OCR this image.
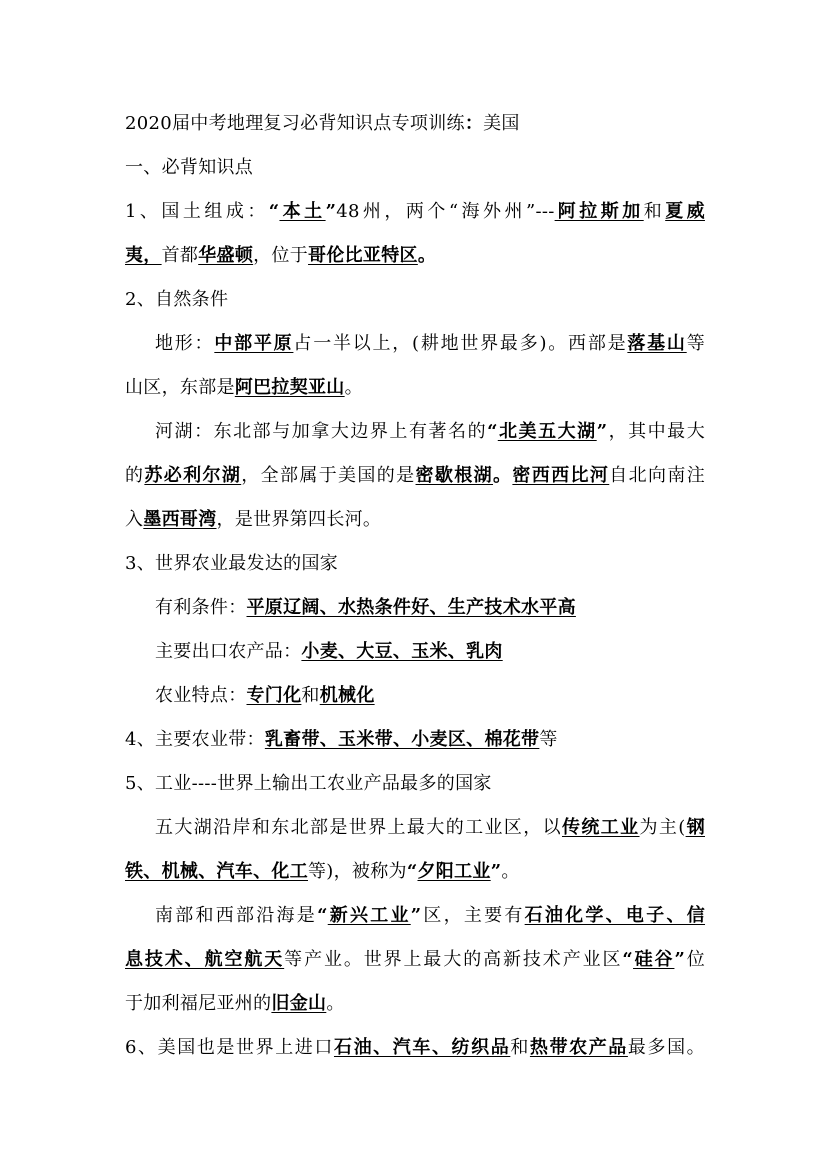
2020届中考地理复习必背知识点专项训练：美国
一、必背知识点
1、国土组成：“本土”48州，两个“海外州”---阿拉斯加和夏威
夷，首都华盛顿，位于哥伦比亚特区。
2、自然条件
地形：中部平原占一半以上，(耕地世界最多)。西部是落基山等
山区，东部是阿巴拉契亚山。
河湖：东北部与加拿大边界上有著名的“北美五大湖”，其中最大
的苏必利尔湖，全部属于美国的是密歇根湖。密西西比河自北向南注
入墨西哥湾，是世界第四长河。
3、世界农业最发达的国家
有利条件：平原辽阔、水热条件好、生产技术水平高
主要出口农产品：小麦、大豆、玉米、乳肉
农业特点：专门化和机械化
4、主要农业带：乳畜带、玉米带、小麦区、棉花带等
5、工业----世界上输出工农业产品最多的国家
五大湖沿岸和东北部是世界上最大的工业区，以传统工业为主(钢
铁、机械、汽车、化工等)，被称为“夕阳工业”。
南部和西部沿海是“新兴工业”区，主要有石油化学、电子、信
息技术、航空航天等产业。世界上最大的高新技术产业区“硅谷”位
于加利福尼亚州的旧金山。
6、美国也是世界上进口石油、汽车、纺织品和热带农产品最多国。
